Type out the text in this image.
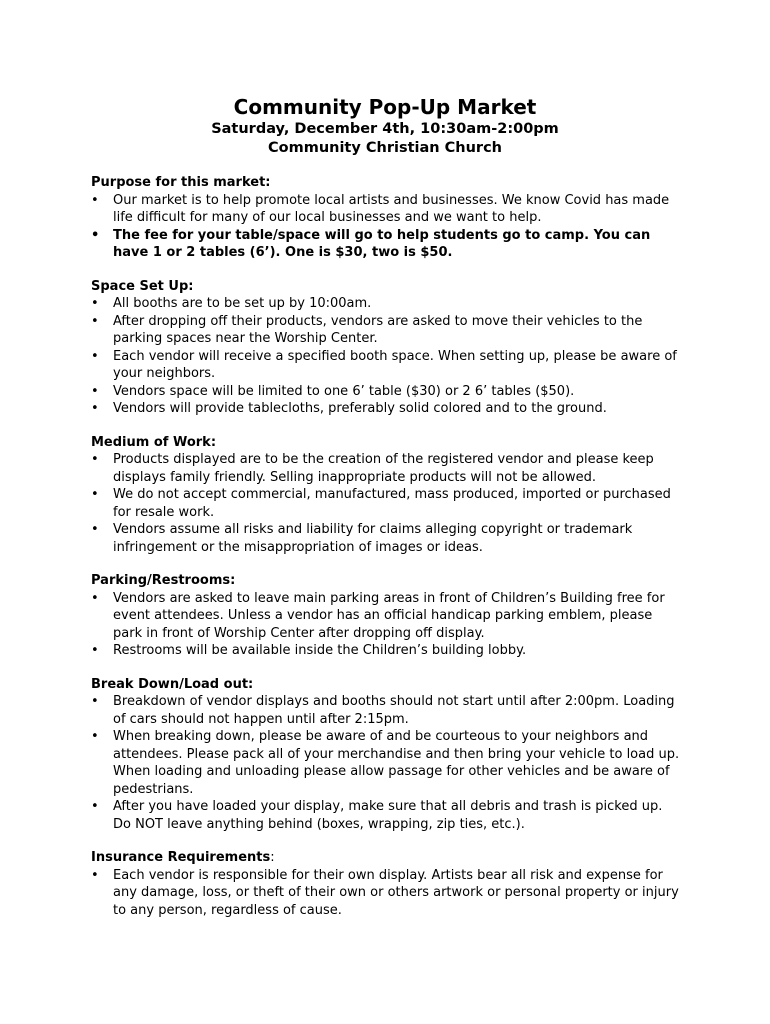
Community Pop-Up Market
Saturday, December 4th, 10:30am-2:00pm
Community Christian Church
Purpose for this market:
•	Our market is to help promote local artists and businesses. We know Covid has made life difficult for many of our local businesses and we want to help.
• The fee for your table/space will go to help students go to camp. You can have 1 or 2 tables (6’). One is $30, two is $50.
Space Set Up:
•	All booths are to be set up by 10:00am.
•	After dropping off their products, vendors are asked to move their vehicles to the parking spaces near the Worship Center.
•	Each vendor will receive a specified booth space. When setting up, please be aware of your neighbors.
•	Vendors space will be limited to one 6’ table ($30) or 2 6’ tables ($50).
•	Vendors will provide tablecloths, preferably solid colored and to the ground.
Medium of Work:
•	Products displayed are to be the creation of the registered vendor and please keep displays family friendly. Selling inappropriate products will not be allowed.
•	We do not accept commercial, manufactured, mass produced, imported or purchased for resale work.
•	Vendors assume all risks and liability for claims alleging copyright or trademark infringement or the misappropriation of images or ideas.
Parking/Restrooms:
•	Vendors are asked to leave main parking areas in front of Children’s Building free for event attendees. Unless a vendor has an official handicap parking emblem, please park in front of Worship Center after dropping off display.
•	Restrooms will be available inside the Children’s building lobby.
Break Down/Load out:
•	Breakdown of vendor displays and booths should not start until after 2:00pm. Loading of cars should not happen until after 2:15pm.
•	When breaking down, please be aware of and be courteous to your neighbors and attendees. Please pack all of your merchandise and then bring your vehicle to load up. When loading and unloading please allow passage for other vehicles and be aware of pedestrians.
•	After you have loaded your display, make sure that all debris and trash is picked up. Do NOT leave anything behind (boxes, wrapping, zip ties, etc.).
Insurance Requirements:
•	Each vendor is responsible for their own display. Artists bear all risk and expense for any damage, loss, or theft of their own or others artwork or personal property or injury to any person, regardless of cause.
